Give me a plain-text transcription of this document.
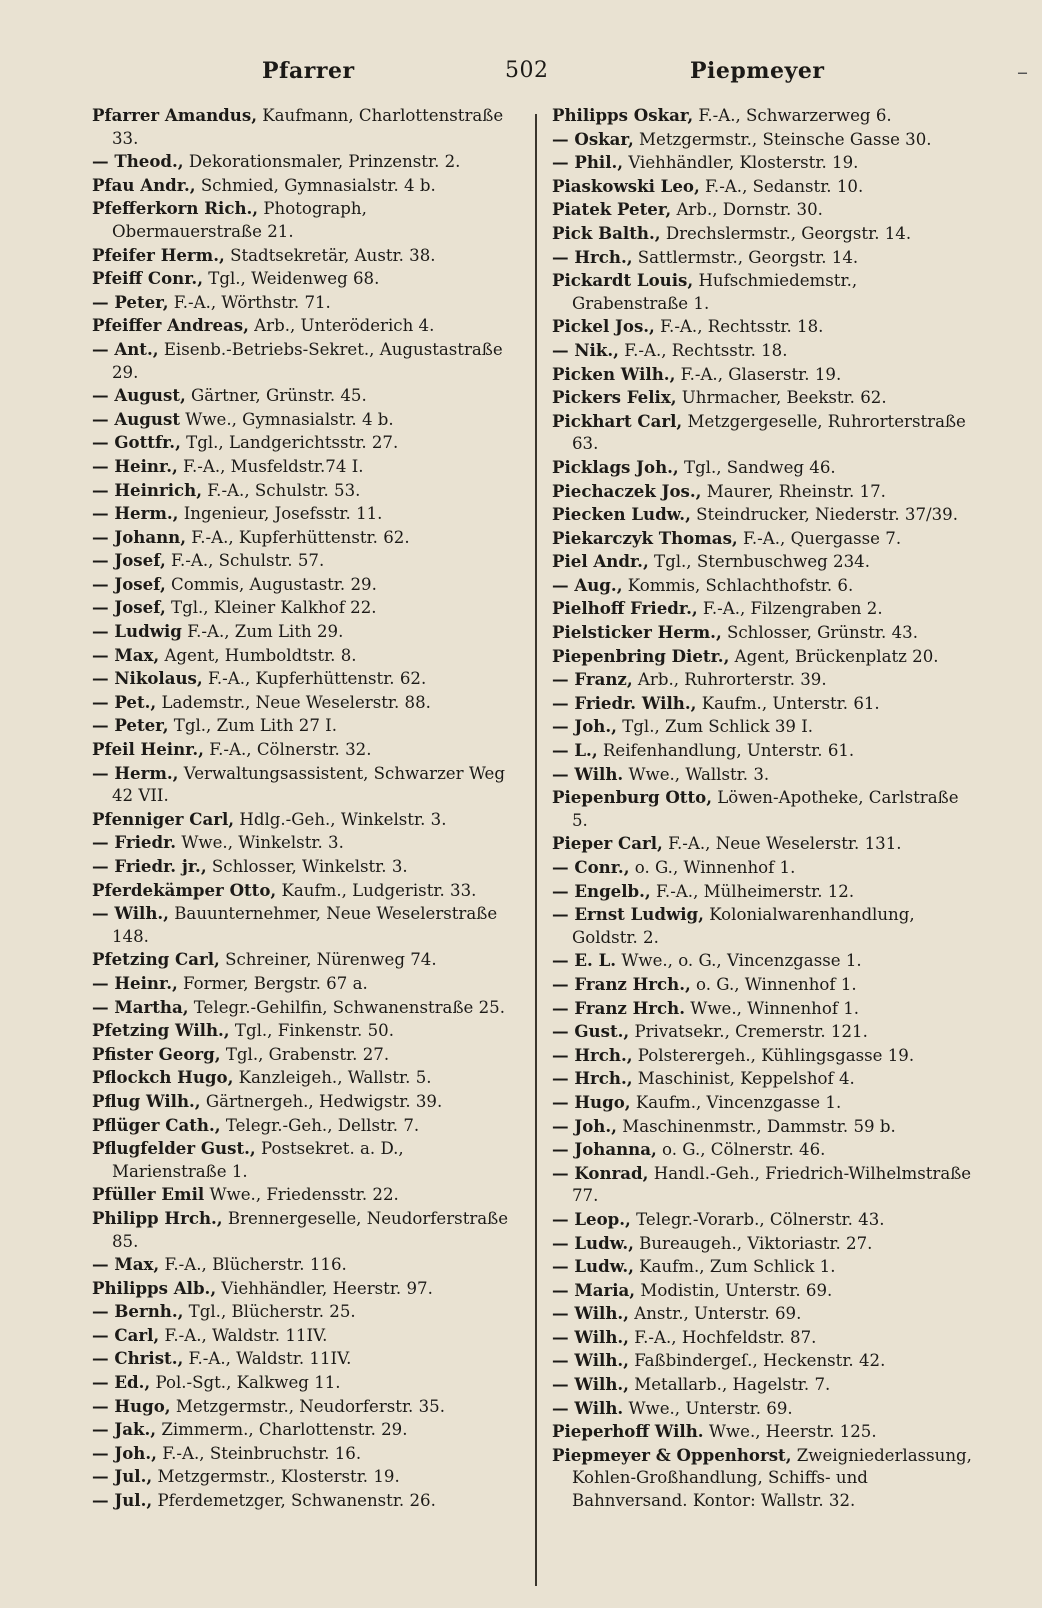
Pfarrer	502	Piepmeyer	–

Pfarrer Amandus, Kaufmann, Charlottenstraße 33.

— Theod., Dekorationsmaler, Prinzenstr. 2.

Pfau Andr., Schmied, Gymnasialstr. 4 b.

Pfefferkorn Rich., Photograph, Obermauerstraße 21.

Pfeifer Herm., Stadtsekretär, Austr. 38.

Pfeiff Conr., Tgl., Weidenweg 68.

— Peter, F.-A., Wörthstr. 71.

Pfeiffer Andreas, Arb., Unteröderich 4.

— Ant., Eisenb.-Betriebs-Sekret., Augustastraße 29.

— August, Gärtner, Grünstr. 45.

— August Wwe., Gymnasialstr. 4 b.

— Gottfr., Tgl., Landgerichtsstr. 27.

— Heinr., F.-A., Musfeldstr.74 I.

— Heinrich, F.-A., Schulstr. 53.

— Herm., Ingenieur, Josefsstr. 11.

— Johann, F.-A., Kupferhüttenstr. 62.

— Josef, F.-A., Schulstr. 57.

— Josef, Commis, Augustastr. 29.

— Josef, Tgl., Kleiner Kalkhof 22.

— Ludwig F.-A., Zum Lith 29.

— Max, Agent, Humboldtstr. 8.

— Nikolaus, F.-A., Kupferhüttenstr. 62.

— Pet., Lademstr., Neue Weselerstr. 88.

— Peter, Tgl., Zum Lith 27 I.

Pfeil Heinr., F.-A., Cölnerstr. 32.

— Herm., Verwaltungsassistent, Schwarzer Weg 42 VII.

Pfenniger Carl, Hdlg.-Geh., Winkelstr. 3.

— Friedr. Wwe., Winkelstr. 3.

— Friedr. jr., Schlosser, Winkelstr. 3.

Pferdekämper Otto, Kaufm., Ludgeristr. 33.

— Wilh., Bauunternehmer, Neue Weselerstraße 148.

Pfetzing Carl, Schreiner, Nürenweg 74.

— Heinr., Former, Bergstr. 67 a.

— Martha, Telegr.-Gehilfin, Schwanenstraße 25.

Pfetzing Wilh., Tgl., Finkenstr. 50.

Pfister Georg, Tgl., Grabenstr. 27.

Pflockch Hugo, Kanzleigeh., Wallstr. 5.

Pflug Wilh., Gärtnergeh., Hedwigstr. 39.

Pflüger Cath., Telegr.-Geh., Dellstr. 7.

Pflugfelder Gust., Postsekret. a. D., Marienstraße 1.

Pfüller Emil Wwe., Friedensstr. 22.

Philipp Hrch., Brennergeselle, Neudorferstraße 85.

— Max, F.-A., Blücherstr. 116.

Philipps Alb., Viehhändler, Heerstr. 97.

— Bernh., Tgl., Blücherstr. 25.

— Carl, F.-A., Waldstr. 11IV.

— Christ., F.-A., Waldstr. 11IV.

— Ed., Pol.-Sgt., Kalkweg 11.

— Hugo, Metzgermstr., Neudorferstr. 35.

— Jak., Zimmerm., Charlottenstr. 29.

— Joh., F.-A., Steinbruchstr. 16.

— Jul., Metzgermstr., Klosterstr. 19.

— Jul., Pferdemetzger, Schwanenstr. 26.

Philipps Oskar, F.-A., Schwarzerweg 6.

— Oskar, Metzgermstr., Steinsche Gasse 30.

— Phil., Viehhändler, Klosterstr. 19.

Piaskowski Leo, F.-A., Sedanstr. 10.

Piatek Peter, Arb., Dornstr. 30.

Pick Balth., Drechslermstr., Georgstr. 14.

— Hrch., Sattlermstr., Georgstr. 14.

Pickardt Louis, Hufschmiedemstr., Grabenstraße 1.

Pickel Jos., F.-A., Rechtsstr. 18.

— Nik., F.-A., Rechtsstr. 18.

Picken Wilh., F.-A., Glaserstr. 19.

Pickers Felix, Uhrmacher, Beekstr. 62.

Pickhart Carl, Metzgergeselle, Ruhrorterstraße 63.

Picklags Joh., Tgl., Sandweg 46.

Piechaczek Jos., Maurer, Rheinstr. 17.

Piecken Ludw., Steindrucker, Niederstr. 37/39.

Piekarczyk Thomas, F.-A., Quergasse 7.

Piel Andr., Tgl., Sternbuschweg 234.

— Aug., Kommis, Schlachthofstr. 6.

Pielhoff Friedr., F.-A., Filzengraben 2.

Pielsticker Herm., Schlosser, Grünstr. 43.

Piepenbring Dietr., Agent, Brückenplatz 20.

— Franz, Arb., Ruhrorterstr. 39.

— Friedr. Wilh., Kaufm., Unterstr. 61.

— Joh., Tgl., Zum Schlick 39 I.

— L., Reifenhandlung, Unterstr. 61.

— Wilh. Wwe., Wallstr. 3.

Piepenburg Otto, Löwen-Apotheke, Carlstraße 5.

Pieper Carl, F.-A., Neue Weselerstr. 131.

— Conr., o. G., Winnenhof 1.

— Engelb., F.-A., Mülheimerstr. 12.

— Ernst Ludwig, Kolonialwarenhandlung, Goldstr. 2.

— E. L. Wwe., o. G., Vincenzgasse 1.

— Franz Hrch., o. G., Winnenhof 1.

— Franz Hrch. Wwe., Winnenhof 1.

— Gust., Privatsekr., Cremerstr. 121.

— Hrch., Polsterergeh., Kühlingsgasse 19.

— Hrch., Maschinist, Keppelshof 4.

— Hugo, Kaufm., Vincenzgasse 1.

— Joh., Maschinenmstr., Dammstr. 59 b.

— Johanna, o. G., Cölnerstr. 46.

— Konrad, Handl.-Geh., Friedrich-Wilhelmstraße 77.

— Leop., Telegr.-Vorarb., Cölnerstr. 43.

— Ludw., Bureaugeh., Viktoriastr. 27.

— Ludw., Kaufm., Zum Schlick 1.

— Maria, Modistin, Unterstr. 69.

— Wilh., Anstr., Unterstr. 69.

— Wilh., F.-A., Hochfeldstr. 87.

— Wilh., Faßbindergeſ., Heckenstr. 42.

— Wilh., Metallarb., Hagelstr. 7.

— Wilh. Wwe., Unterstr. 69.

Pieperhoff Wilh. Wwe., Heerstr. 125.

Piepmeyer & Oppenhorst, Zweigniederlassung, Kohlen-Großhandlung, Schiffs- und Bahnversand. Kontor: Wallstr. 32.
